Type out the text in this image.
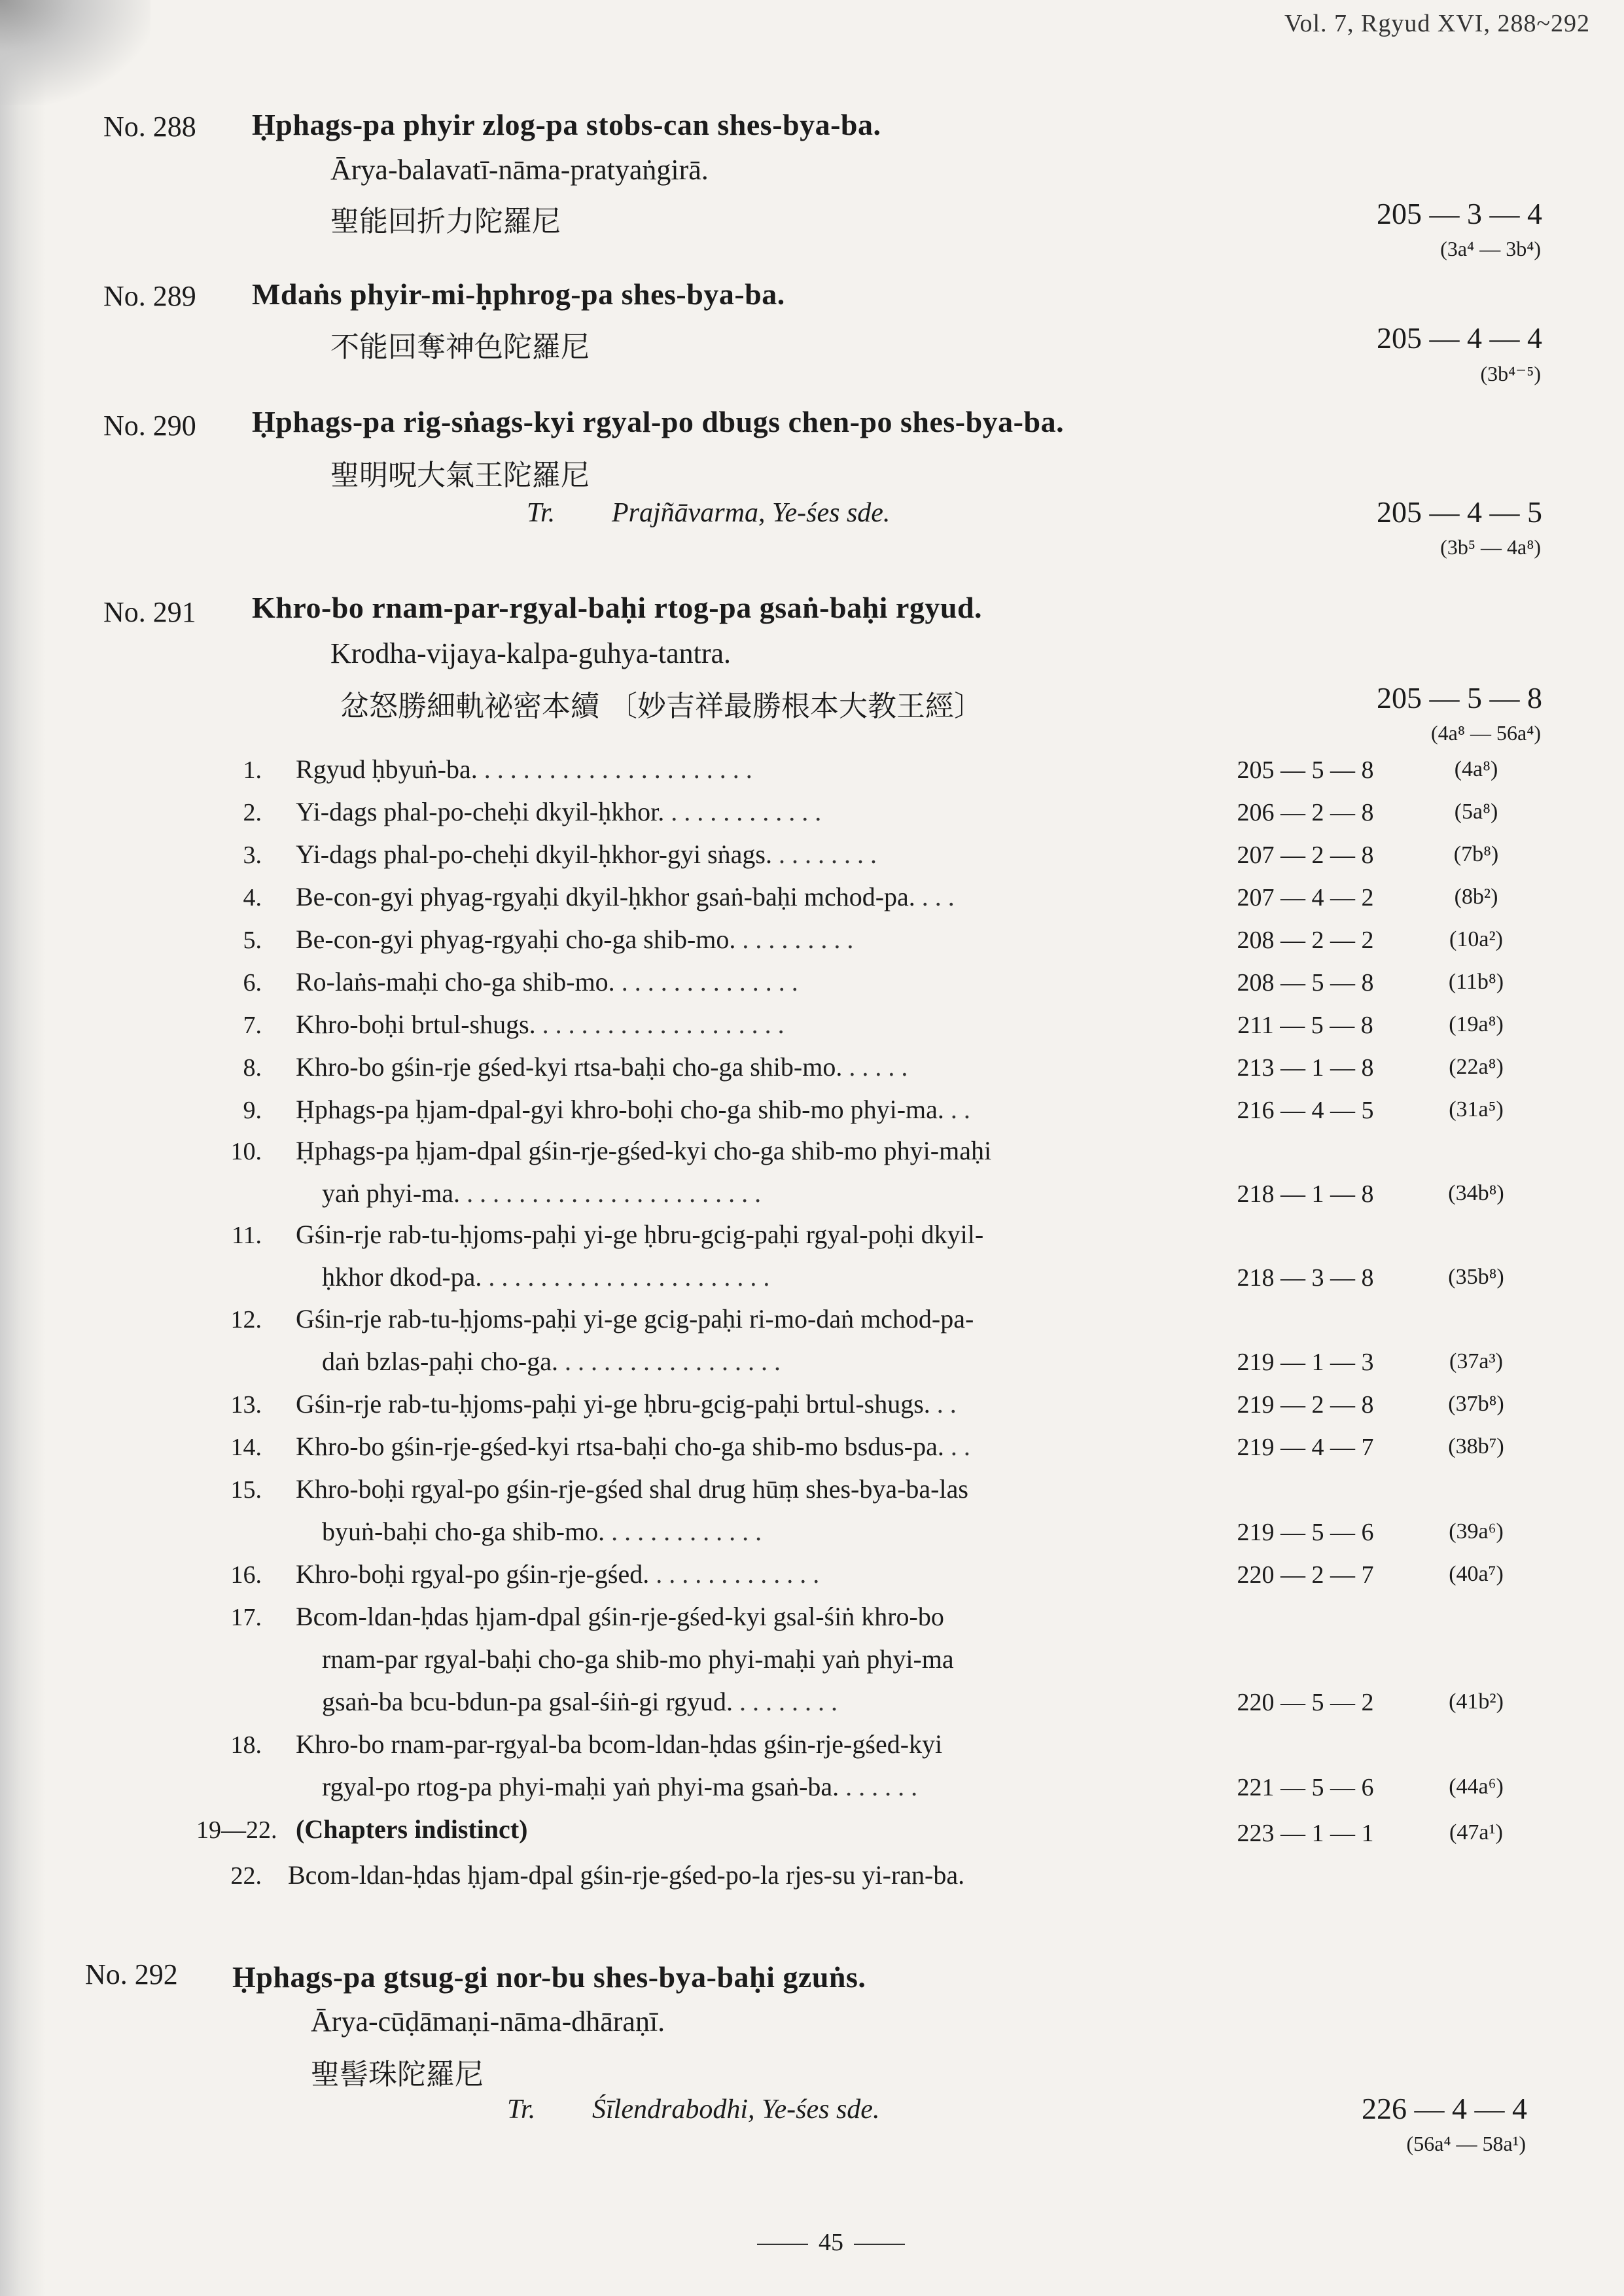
Vol. 7, Rgyud XVI, 288~292
No. 288 Ḥphags-pa phyir zlog-pa stobs-can shes-bya-ba.
Ārya-balavatī-nāma-pratyaṅgirā.
聖能回折力陀羅尼	205 — 3 — 4
(3a⁴ — 3b⁴)
No. 289 Mdaṅs phyir-mi-ḥphrog-pa shes-bya-ba.
不能回奪神色陀羅尼	205 — 4 — 4
(3b⁴⁻⁵)
No. 290 Ḥphags-pa rig-sṅags-kyi rgyal-po dbugs chen-po shes-bya-ba.
聖明呪大氣王陀羅尼
Tr. Prajñāvarma, Ye-śes sde.	205 — 4 — 5
(3b⁵ — 4a⁸)
No. 291 Khro-bo rnam-par-rgyal-baḥi rtog-pa gsaṅ-baḥi rgyud.
Krodha-vijaya-kalpa-guhya-tantra.
忿怒勝細軌祕密本續 〔妙吉祥最勝根本大教王經〕	205 — 5 — 8
(4a⁸ — 56a⁴)
1. Rgyud ḥbyuṅ-ba. .....................	205 — 5 — 8	(4a⁸)
2. Yi-dags phal-po-cheḥi dkyil-ḥkhor. ............	206 — 2 — 8	(5a⁸)
3. Yi-dags phal-po-cheḥi dkyil-ḥkhor-gyi sṅags. ........	207 — 2 — 8	(7b⁸)
4. Be-con-gyi phyag-rgyaḥi dkyil-ḥkhor gsaṅ-baḥi mchod-pa. ...	207 — 4 — 2	(8b²)
5. Be-con-gyi phyag-rgyaḥi cho-ga shib-mo. .........	208 — 2 — 2	(10a²)
6. Ro-laṅs-maḥi cho-ga shib-mo. ..............	208 — 5 — 8	(11b⁸)
7. Khro-boḥi brtul-shugs. ...................	211 — 5 — 8	(19a⁸)
8. Khro-bo gśin-rje gśed-kyi rtsa-baḥi cho-ga shib-mo. .....	213 — 1 — 8	(22a⁸)
9. Ḥphags-pa ḥjam-dpal-gyi khro-boḥi cho-ga shib-mo phyi-ma. ..	216 — 4 — 5	(31a⁵)
10. Ḥphags-pa ḥjam-dpal gśin-rje-gśed-kyi cho-ga shib-mo phyi-maḥi
yaṅ phyi-ma. .......................	218 — 1 — 8	(34b⁸)
11. Gśin-rje rab-tu-ḥjoms-paḥi yi-ge ḥbru-gcig-paḥi rgyal-poḥi dkyil-
ḥkhor dkod-pa. ......................	218 — 3 — 8	(35b⁸)
12. Gśin-rje rab-tu-ḥjoms-paḥi yi-ge gcig-paḥi ri-mo-daṅ mchod-pa-
daṅ bzlas-paḥi cho-ga. .................	219 — 1 — 3	(37a³)
13. Gśin-rje rab-tu-ḥjoms-paḥi yi-ge ḥbru-gcig-paḥi brtul-shugs. ..	219 — 2 — 8	(37b⁸)
14. Khro-bo gśin-rje-gśed-kyi rtsa-baḥi cho-ga shib-mo bsdus-pa. ..	219 — 4 — 7	(38b⁷)
15. Khro-boḥi rgyal-po gśin-rje-gśed shal drug hūṃ shes-bya-ba-las
byuṅ-baḥi cho-ga shib-mo. ............	219 — 5 — 6	(39a⁶)
16. Khro-boḥi rgyal-po gśin-rje-gśed. .............	220 — 2 — 7	(40a⁷)
17. Bcom-ldan-ḥdas ḥjam-dpal gśin-rje-gśed-kyi gsal-śiṅ khro-bo
rnam-par rgyal-baḥi cho-ga shib-mo phyi-maḥi yaṅ phyi-ma
gsaṅ-ba bcu-bdun-pa gsal-śiṅ-gi rgyud. ........	220 — 5 — 2	(41b²)
18. Khro-bo rnam-par-rgyal-ba bcom-ldan-ḥdas gśin-rje-gśed-kyi
rgyal-po rtog-pa phyi-maḥi yaṅ phyi-ma gsaṅ-ba. ......	221 — 5 — 6	(44a⁶)
19—22. (Chapters indistinct)	223 — 1 — 1	(47a¹)
22. Bcom-ldan-ḥdas ḥjam-dpal gśin-rje-gśed-po-la rjes-su yi-ran-ba.
No. 292 Ḥphags-pa gtsug-gi nor-bu shes-bya-baḥi gzuṅs.
Ārya-cūḍāmaṇi-nāma-dhāraṇī.
聖髻珠陀羅尼
Tr. Śīlendrabodhi, Ye-śes sde.	226 — 4 — 4
(56a⁴ — 58a¹)
45
